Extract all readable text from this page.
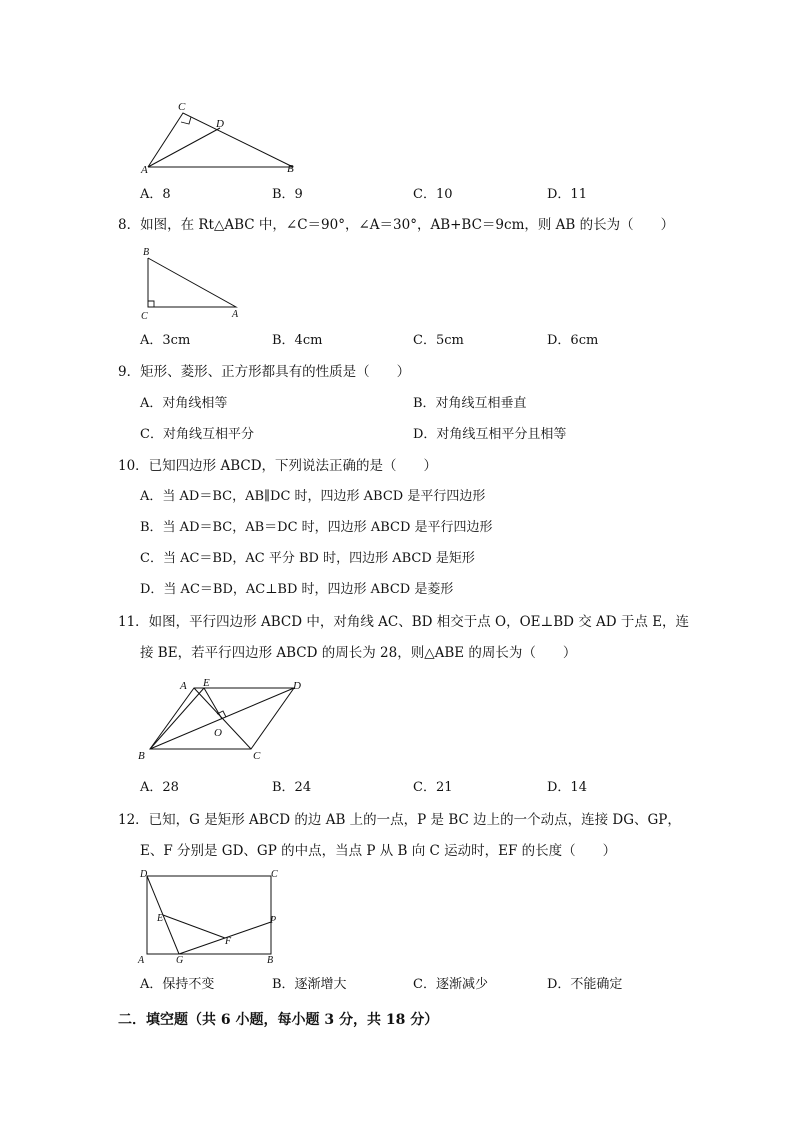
C
D
A	B
A．8	B．9	C．10	D．11
8．如图，在 Rt△ABC 中，∠C＝90°，∠A＝30°，AB+BC＝9cm，则 AB 的长为（　　）
B
C	A
A．3cm	B．4cm	C．5cm	D．6cm
9．矩形、菱形、正方形都具有的性质是（　　）
A．对角线相等	B．对角线互相垂直
C．对角线互相平分	D．对角线互相平分且相等
10．已知四边形 ABCD，下列说法正确的是（　　）
A．当 AD＝BC，AB∥DC 时，四边形 ABCD 是平行四边形
B．当 AD＝BC，AB＝DC 时，四边形 ABCD 是平行四边形
C．当 AC＝BD，AC 平分 BD 时，四边形 ABCD 是矩形
D．当 AC＝BD，AC⊥BD 时，四边形 ABCD 是菱形
11．如图，平行四边形 ABCD 中，对角线 AC、BD 相交于点 O，OE⊥BD 交 AD 于点 E，连
接 BE，若平行四边形 ABCD 的周长为 28，则△ABE 的周长为（　　）
A E	D
O
B	C
A．28	B．24	C．21	D．14
12．已知，G 是矩形 ABCD 的边 AB 上的一点，P 是 BC 边上的一个动点，连接 DG、GP，
E、F 分别是 GD、GP 的中点，当点 P 从 B 向 C 运动时，EF 的长度（　　）
D	C
E	P
F
A	G	B
A．保持不变	B．逐渐增大	C．逐渐减少	D．不能确定
二．填空题（共 6 小题，每小题 3 分，共 18 分）
